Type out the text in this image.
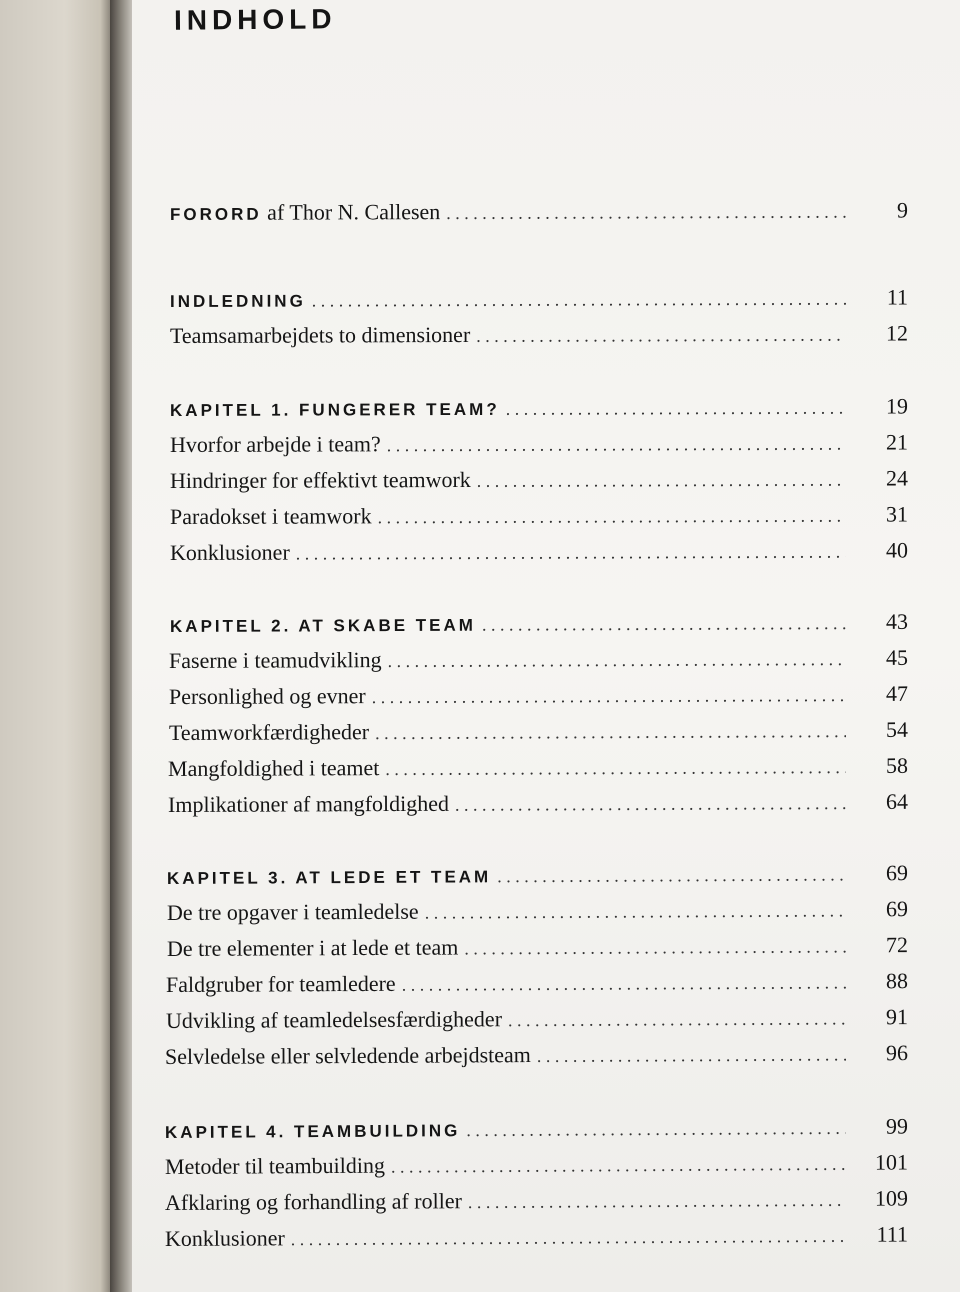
INDHOLD
FORORD af Thor N. Callesen . . .	9
INDLEDNING . . .	11
Teamsamarbejdets to dimensioner . . .	12
KAPITEL 1. FUNGERER TEAM? . . .	19
Hvorfor arbejde i team? . . .	21
Hindringer for effektivt teamwork . . .	24
Paradokset i teamwork . . .	31
Konklusioner . . .	40
KAPITEL 2. AT SKABE TEAM . . .	43
Faserne i teamudvikling . . .	45
Personlighed og evner . . .	47
Teamworkfærdigheder . . .	54
Mangfoldighed i teamet . . .	58
Implikationer af mangfoldighed . . .	64
KAPITEL 3. AT LEDE ET TEAM . . .	69
De tre opgaver i teamledelse . . .	69
De tre elementer i at lede et team . . .	72
Faldgruber for teamledere . . .	88
Udvikling af teamledelsesfærdigheder . . .	91
Selvledelse eller selvledende arbejdsteam . . .	96
KAPITEL 4. TEAMBUILDING . . .	99
Metoder til teambuilding . . .	101
Afklaring og forhandling af roller . . .	109
Konklusioner . . .	111
